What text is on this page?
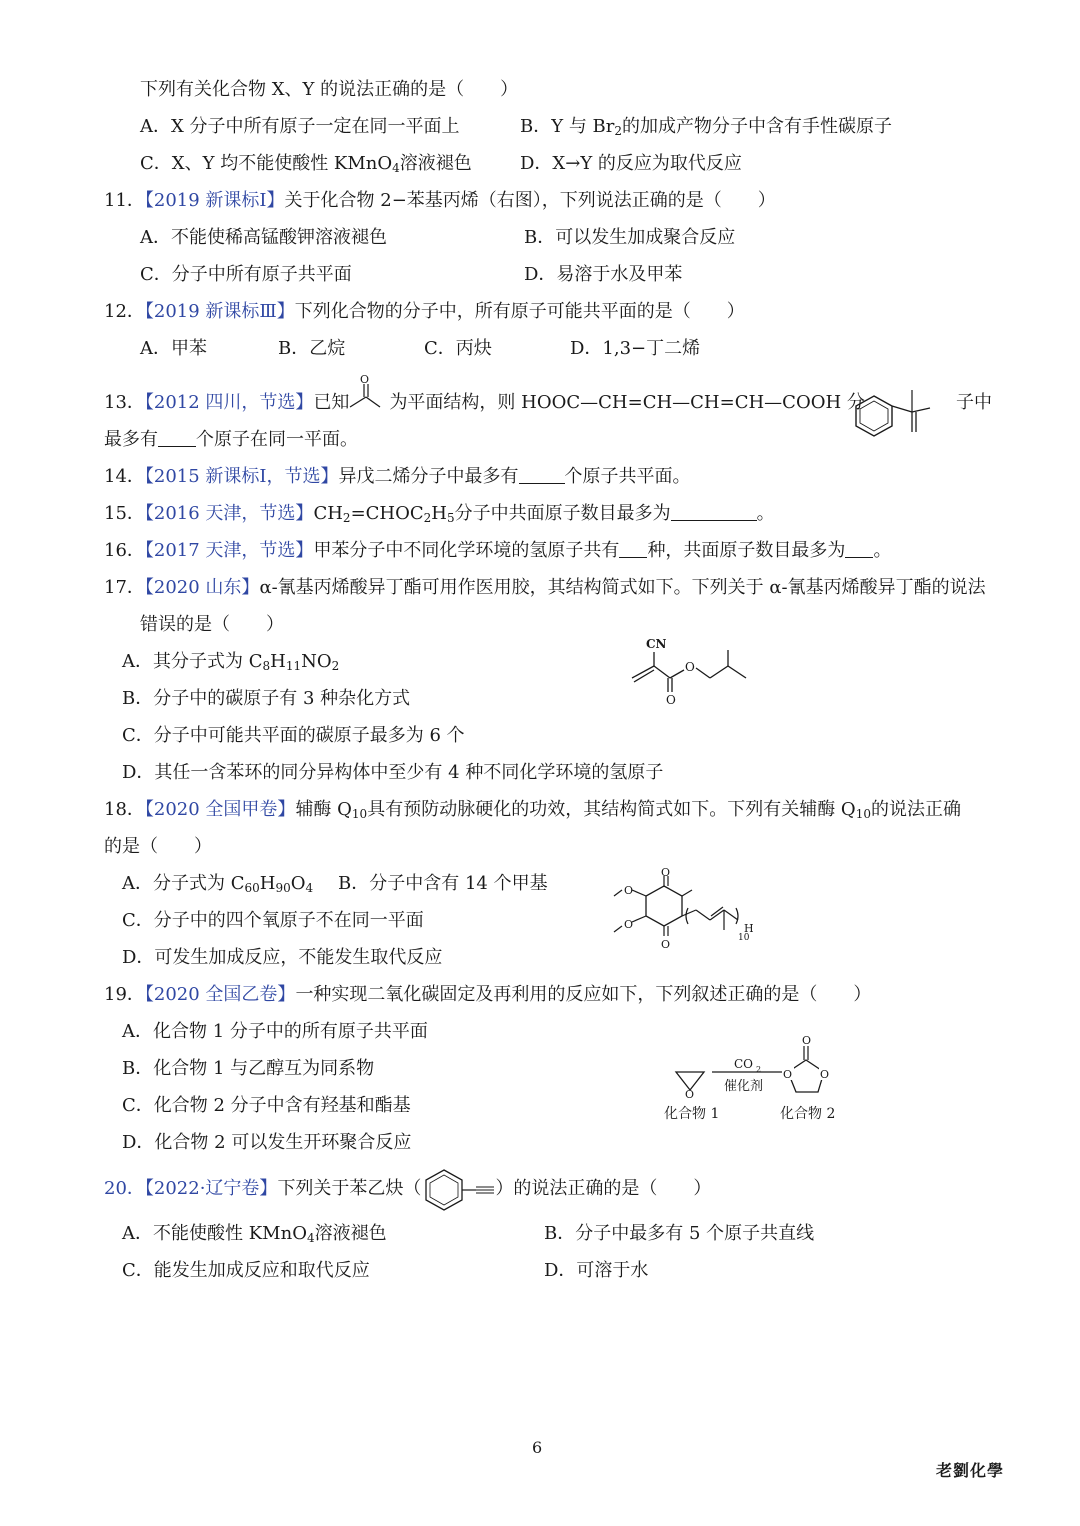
下列有关化合物 X、Y 的说法正确的是（　　）
A．X 分子中所有原子一定在同一平面上	B．Y 与 $Br_2$的加成产物分子中含有手性碳原子
C．X、Y 均不能使酸性 KMnO$_4$溶液褪色	D．X→Y 的反应为取代反应
11．【2019 新课标Ⅰ】关于化合物 2−苯基丙烯（右图），下列说法正确的是（　　）
A．不能使稀高锰酸钾溶液褪色	B．可以发生加成聚合反应
C．分子中所有原子共平面	D．易溶于水及甲苯
12．【2019 新课标Ⅲ】下列化合物的分子中，所有原子可能共平面的是（　　）
A．甲苯	B．乙烷	C．丙炔	D．1,3−丁二烯
13．【2012 四川，节选】已知 为平面结构，则 HOOC—CH=CH—CH=CH—COOH 分
O
子中
最多有 个原子在同一平面。
14．【2015 新课标Ⅰ，节选】异戊二烯分子中最多有	个原子共平面。
15．【2016 天津，节选】$CH_2=CHOC_2H_5$分子中共面原子数目最多为	。
16．【2017 天津，节选】甲苯分子中不同化学环境的氢原子共有 种，共面原子数目最多为 。
17．【2020 山东】α-氰基丙烯酸异丁酯可用作医用胶，其结构简式如下。下列关于 α-氰基丙烯酸异丁酯的说法
错误的是（　　）
A．其分子式为 $C_8H_{11}NO_2$
B．分子中的碳原子有 3 种杂化方式
C．分子中可能共平面的碳原子最多为 6 个
D．其任一含苯环的同分异构体中至少有 4 种不同化学环境的氢原子
CN
O
O
18．【2020 全国甲卷】辅酶 $Q_{10}$具有预防动脉硬化的功效，其结构简式如下。下列有关辅酶 $Q_{10}$的说法正确
的是（　　）
A．分子式为 $C_{60}H_{90}O_4$ B．分子中含有 14 个甲基
C．分子中的四个氧原子不在同一平面
D．可发生加成反应，不能发生取代反应
O
O
O
O
10
H
19．【2020 全国乙卷】一种实现二氧化碳固定及再利用的反应如下，下列叙述正确的是（　　）
A．化合物 1 分子中的所有原子共平面
B．化合物 1 与乙醇互为同系物
C．化合物 2 分子中含有羟基和酯基
D．化合物 2 可以发生开环聚合反应
O
CO 2
催化剂
O	O
O
化合物 1	化合物 2
20．【2022·辽宁卷】下列关于苯乙炔（	）的说法正确的是（　　）
A．不能使酸性 KMnO$_4$溶液褪色	B．分子中最多有 5 个原子共直线
C．能发生加成反应和取代反应	D．可溶于水
6
老劉化學
